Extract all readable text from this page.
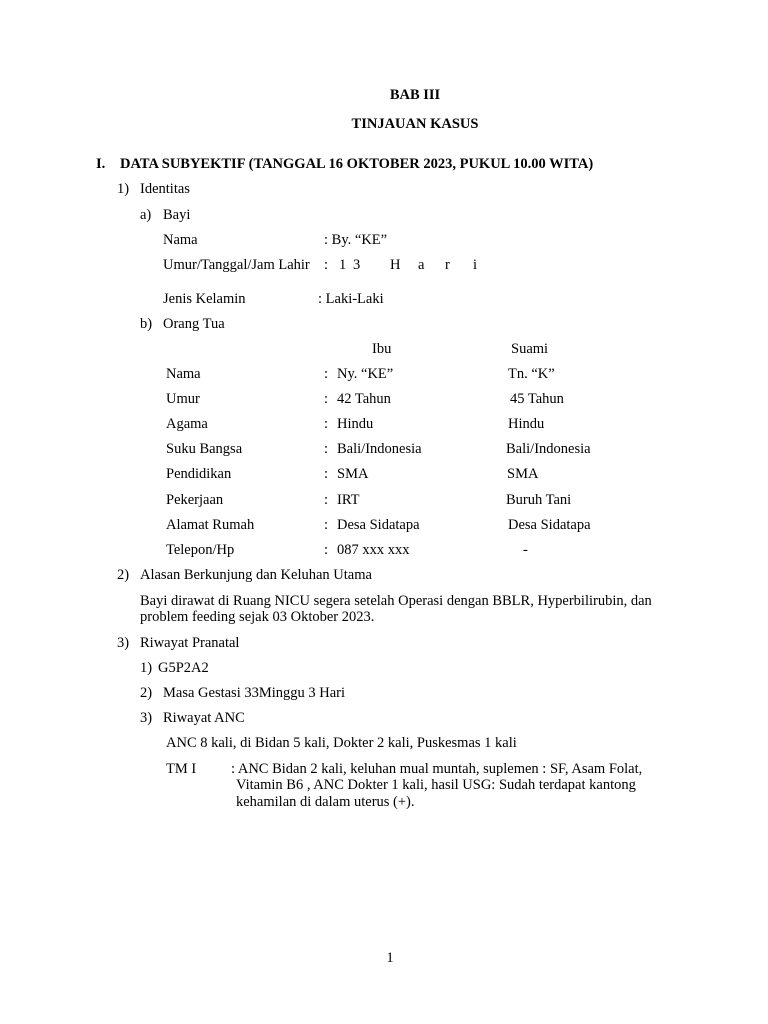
BAB III
TINJAUAN KASUS
I. DATA SUBYEKTIF (TANGGAL 16 OKTOBER 2023, PUKUL 10.00 WITA)
1) Identitas
a) Bayi
Nama	: By. “KE”
Umur/Tanggal/Jam Lahir : 1 3 H a r i
Jenis Kelamin	: Laki-Laki
b) Orang Tua
Ibu	Suami
Nama	: Ny. “KE”	Tn. “K”
Umur	: 42 Tahun	45 Tahun
Agama	: Hindu	Hindu
Suku Bangsa	: Bali/Indonesia	Bali/Indonesia
Pendidikan	: SMA	SMA
Pekerjaan	: IRT	Buruh Tani
Alamat Rumah	: Desa Sidatapa	Desa Sidatapa
Telepon/Hp	: 087 xxx xxx	-
2) Alasan Berkunjung dan Keluhan Utama
Bayi dirawat di Ruang NICU segera setelah Operasi dengan BBLR, Hyperbilirubin, dan
problem feeding sejak 03 Oktober 2023.
3) Riwayat Pranatal
1) G5P2A2
2) Masa Gestasi 33Minggu 3 Hari
3) Riwayat ANC
ANC 8 kali, di Bidan 5 kali, Dokter 2 kali, Puskesmas 1 kali
TM I : ANC Bidan 2 kali, keluhan mual muntah, suplemen : SF, Asam Folat,
Vitamin B6 , ANC Dokter 1 kali, hasil USG: Sudah terdapat kantong
kehamilan di dalam uterus (+).
1
